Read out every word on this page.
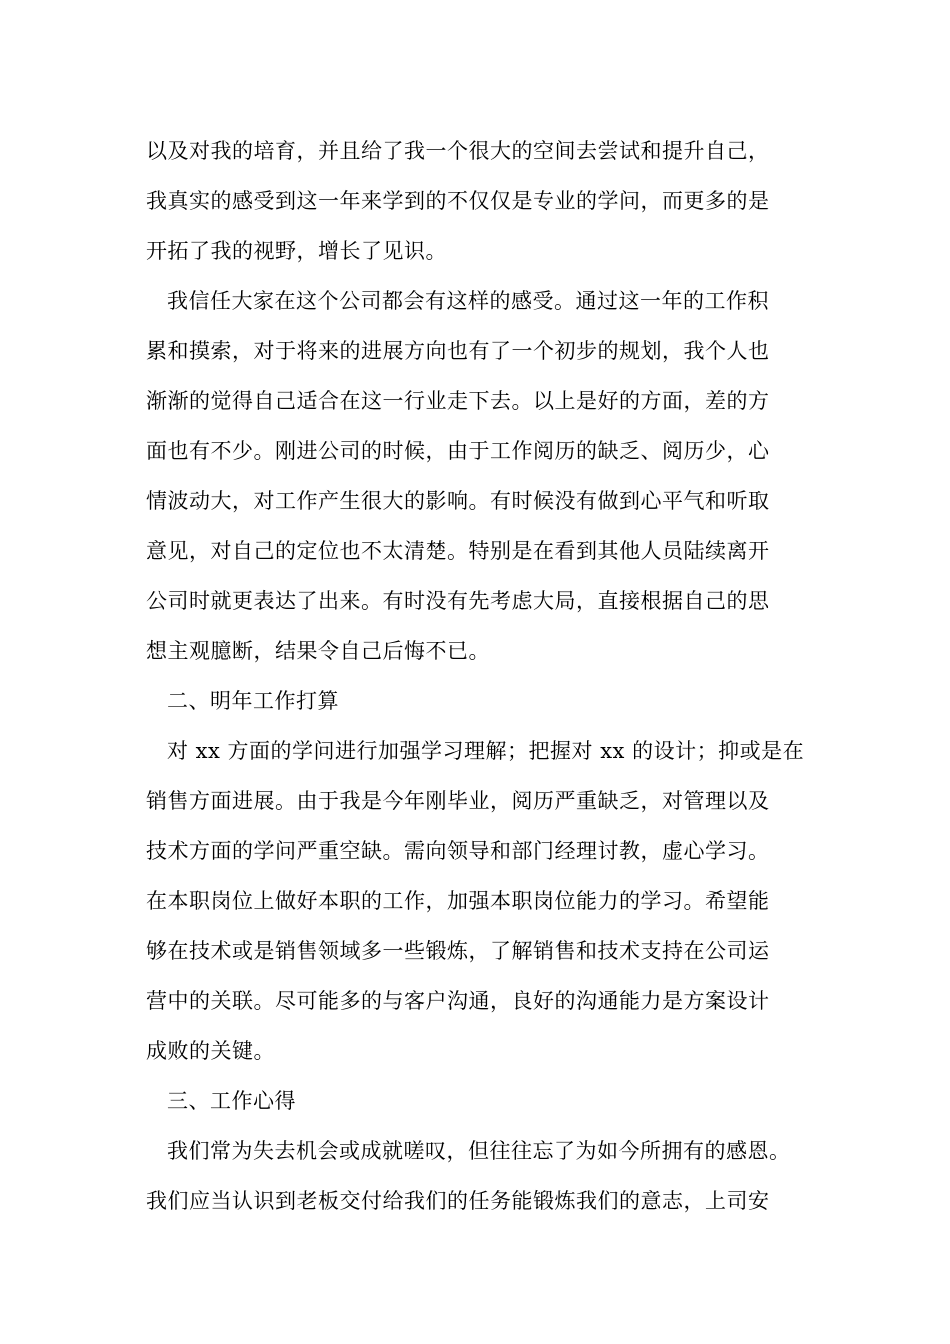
以及对我的培育，并且给了我一个很大的空间去尝试和提升自己，
我真实的感受到这一年来学到的不仅仅是专业的学问，而更多的是
开拓了我的视野，增长了见识。
我信任大家在这个公司都会有这样的感受。通过这一年的工作积
累和摸索，对于将来的进展方向也有了一个初步的规划，我个人也
渐渐的觉得自己适合在这一行业走下去。以上是好的方面，差的方
面也有不少。刚进公司的时候，由于工作阅历的缺乏、阅历少，心
情波动大，对工作产生很大的影响。有时候没有做到心平气和听取
意见，对自己的定位也不太清楚。特别是在看到其他人员陆续离开
公司时就更表达了出来。有时没有先考虑大局，直接根据自己的思
想主观臆断，结果令自己后悔不已。
二、明年工作打算
对 xx 方面的学问进行加强学习理解；把握对 xx 的设计；抑或是在
销售方面进展。由于我是今年刚毕业，阅历严重缺乏，对管理以及
技术方面的学问严重空缺。需向领导和部门经理讨教，虚心学习。
在本职岗位上做好本职的工作，加强本职岗位能力的学习。希望能
够在技术或是销售领域多一些锻炼，了解销售和技术支持在公司运
营中的关联。尽可能多的与客户沟通，良好的沟通能力是方案设计
成败的关键。
三、工作心得
我们常为失去机会或成就嗟叹，但往往忘了为如今所拥有的感恩。
我们应当认识到老板交付给我们的任务能锻炼我们的意志，上司安
